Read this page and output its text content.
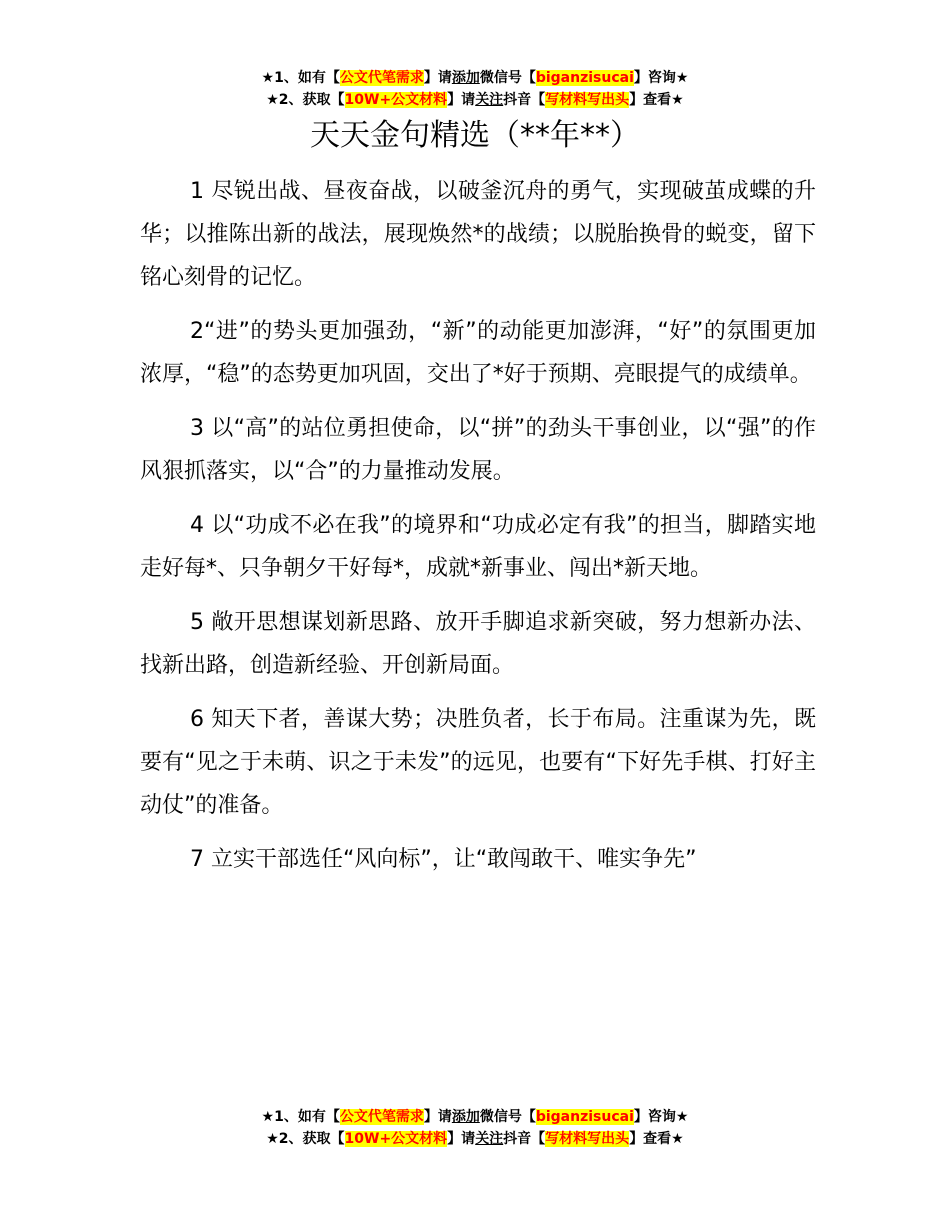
★1、如有【公文代笔需求】请添加微信号【biganzisucai】咨询★
★2、获取【10W+公文材料】请关注抖音【写材料写出头】查看★
天天金句精选（**年**）

1 尽锐出战、昼夜奋战，以破釜沉舟的勇气，实现破茧成蝶的升华；以推陈出新的战法，展现焕然*的战绩；以脱胎换骨的蜕变，留下铭心刻骨的记忆。

2“进”的势头更加强劲，“新”的动能更加澎湃，“好”的氛围更加浓厚，“稳”的态势更加巩固，交出了*好于预期、亮眼提气的成绩单。

3 以“高”的站位勇担使命，以“拼”的劲头干事创业，以“强”的作风狠抓落实，以“合”的力量推动发展。

4 以“功成不必在我”的境界和“功成必定有我”的担当，脚踏实地走好每*、只争朝夕干好每*，成就*新事业、闯出*新天地。

5 敞开思想谋划新思路、放开手脚追求新突破，努力想新办法、找新出路，创造新经验、开创新局面。

6 知天下者，善谋大势；决胜负者，长于布局。注重谋为先，既要有“见之于未萌、识之于未发”的远见，也要有“下好先手棋、打好主动仗”的准备。

7 立实干部选任“风向标”，让“敢闯敢干、唯实争先”

★1、如有【公文代笔需求】请添加微信号【biganzisucai】咨询★
★2、获取【10W+公文材料】请关注抖音【写材料写出头】查看★
